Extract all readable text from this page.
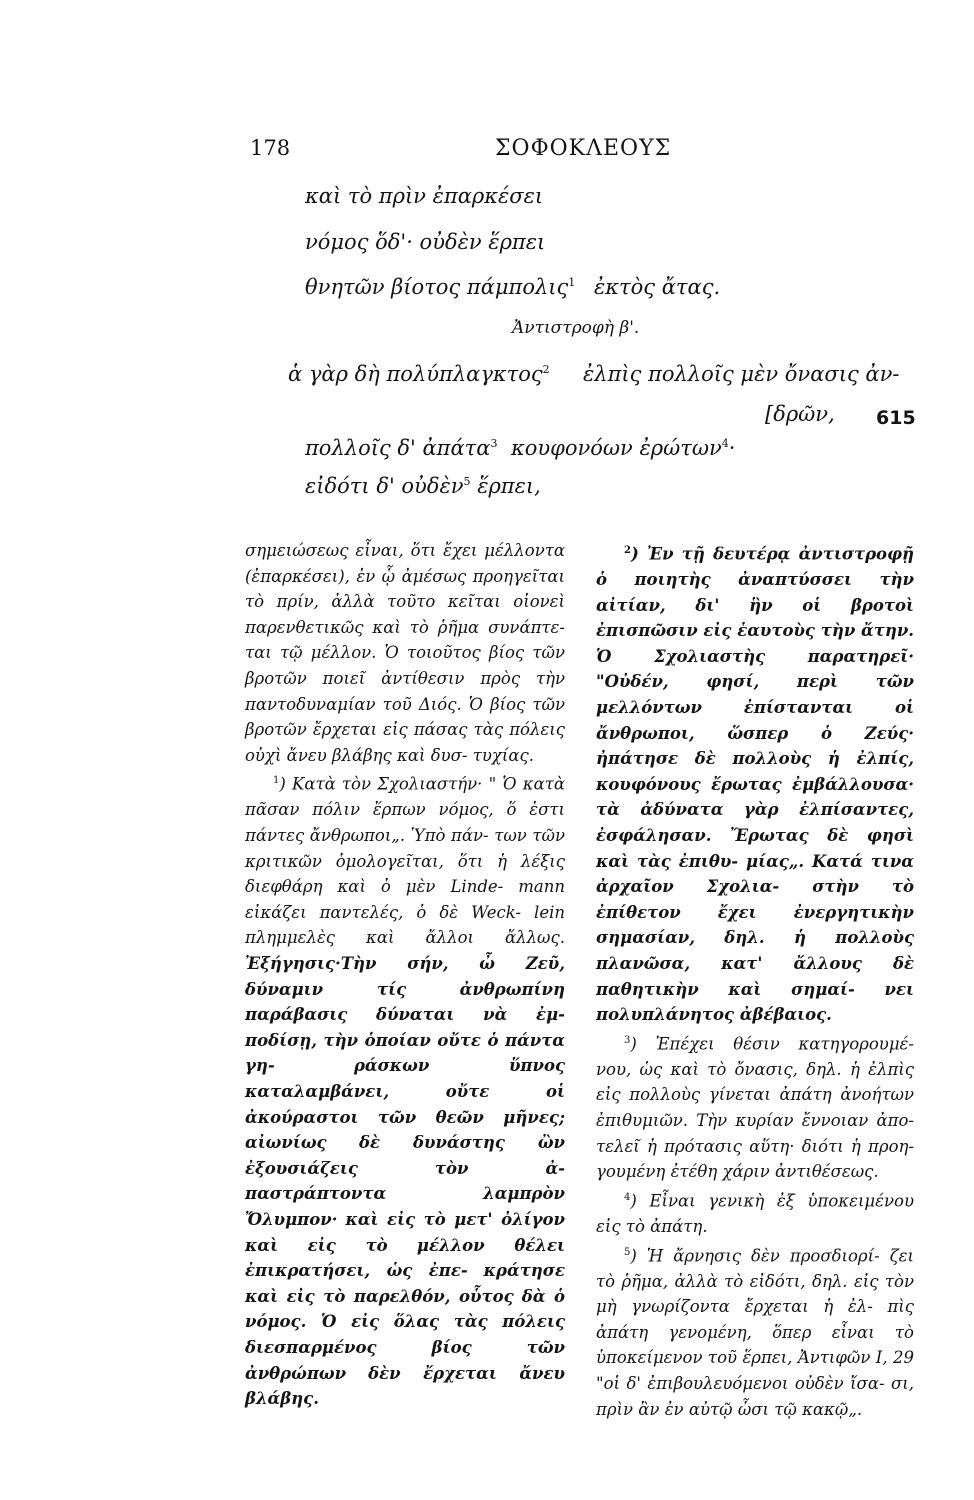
178	ΣΟΦΟΚΛΕΟΥΣ
καὶ τὸ πρὶν ἐπαρκέσει
νόμος ὅδ'· οὐδὲν ἕρπει
θνητῶν βίοτος πάμπολις$^1$ ἐκτὸς ἄτας.
Ἀντιστροφὴ β'.
ἁ γὰρ δὴ πολύπλαγκτος$^2$ ἐλπὶς πολλοῖς μὲν ὄνασις ἀν-
[δρῶν, 615
πολλοῖς δ' ἀπάτα$^3$ κουφονόων ἐρώτων$^4$·
εἰδότι δ' οὐδὲν$^5$ ἕρπει,

σημειώσεως εἶναι, ὅτι ἔχει μέλλοντα (ἐπαρκέσει), ἐν ᾧ ἀμέσως προηγεῖται τὸ πρίν, ἀλλὰ τοῦτο κεῖται οἱονεὶ παρενθετικῶς καὶ τὸ ῥῆμα συνάπτε- ται τῷ μέλλον. Ὁ τοιοῦτος βίος τῶν βροτῶν ποιεῖ ἀντίθεσιν πρὸς τὴν παντοδυναμίαν τοῦ Διός. Ὁ βίος τῶν βροτῶν ἔρχεται εἰς πάσας τὰς πόλεις οὐχὶ ἄνευ βλάβης καὶ δυσ- τυχίας.

$^1$) Κατὰ τὸν Σχολιαστήν· " Ὁ κατὰ πᾶσαν πόλιν ἕρπων νόμος, ὅ ἐστι πάντες ἄνθρωποι„. Ὑπὸ πάν- των τῶν κριτικῶν ὁμολογεῖται, ὅτι ἡ λέξις διεφθάρη καὶ ὁ μὲν Linde- mann εἰκάζει παντελές, ὁ δὲ Weck- lein πλημμελὲς καὶ ἄλλοι ἄλλως. Ἐξήγησις·Τὴν σήν, ὦ Ζεῦ, δύναμιν τίς	ἀνθρωπίνη παράβασις δύναται νὰ ἐμ- ποδίσῃ, τὴν ὁποίαν οὔτε ὁ πάντα γη-	ράσκων ὕπνος καταλαμβάνει, οὔτε οἱ ἀκούραστοι τῶν θεῶν μῆνες; αἰωνίως δὲ δυνάστης ὢν ἐξουσιάζεις τὸν ἀ- παστράπτοντα λαμπρὸν Ὄλυμπον· καὶ εἰς τὸ μετ' ὀλίγον καὶ εἰς τὸ μέλλον θέλει ἐπικρατήσει, ὡς ἐπε- κράτησε καὶ εἰς τὸ παρελθόν, οὗτος δὰ ὁ νόμος. Ὁ εἰς ὅλας τὰς πόλεις διεσπαρμένος βίος τῶν ἀνθρώπων δὲν ἔρχεται ἄνευ βλάβης.

$^2$) Ἐν τῇ δευτέρᾳ ἀντιστροφῇ ὁ ποιητὴς ἀναπτύσσει τὴν αἰτίαν, δι' ἣν οἱ βροτοὶ ἐπισπῶσιν εἰς ἑαυτοὺς τὴν ἄτην. Ὁ Σχολιαστὴς παρατηρεῖ· "Οὐδέν, φησί, περὶ τῶν μελλόντων	ἐπίστανται οἱ ἄνθρωποι, ὥσπερ ὁ Ζεύς· ἠπάτησε δὲ πολλοὺς ἡ ἐλπίς, κουφόνους ἔρωτας ἐμβάλλουσα· τὰ ἀδύνατα γὰρ ἐλπίσαντες, ἐσφάλησαν. Ἔρωτας δὲ φησὶ καὶ τὰς ἐπιθυ- μίας„. Κατά τινα ἀρχαῖον Σχολια- στὴν τὸ ἐπίθετον ἔχει ἐνεργητικὴν σημασίαν, δηλ. ἡ πολλοὺς πλανῶσα, κατ' ἄλλους δὲ παθητικὴν καὶ σημαί- νει πολυπλάνητος ἀβέβαιος.

$^3$) Ἐπέχει θέσιν κατηγορουμέ- νου, ὡς καὶ τὸ ὄνασις, δηλ. ἡ ἐλπὶς εἰς πολλοὺς γίνεται ἀπάτη ἀνοήτων ἐπιθυμιῶν. Τὴν κυρίαν ἔννοιαν ἀπο- τελεῖ ἡ πρότασις αὕτη· διότι ἡ προη- γουμένη ἐτέθη χάριν ἀντιθέσεως.

$^4$) Εἶναι γενικὴ ἐξ ὑποκειμένου εἰς τὸ ἀπάτη.

$^5$) Ἡ ἄρνησις δὲν προσδιορί- ζει τὸ ῥῆμα, ἀλλὰ τὸ εἰδότι, δηλ. εἰς τὸν μὴ γνωρίζοντα ἔρχεται ἡ ἐλ- πὶς ἀπάτη γενομένη, ὅπερ εἶναι τὸ ὑποκείμενον τοῦ ἕρπει, Ἀντιφῶν I, 29 "οἱ δ' ἐπιβουλευόμενοι οὐδὲν ἴσα- σι, πρὶν ἂν ἐν αὐτῷ ὦσι τῷ κακῷ„.
